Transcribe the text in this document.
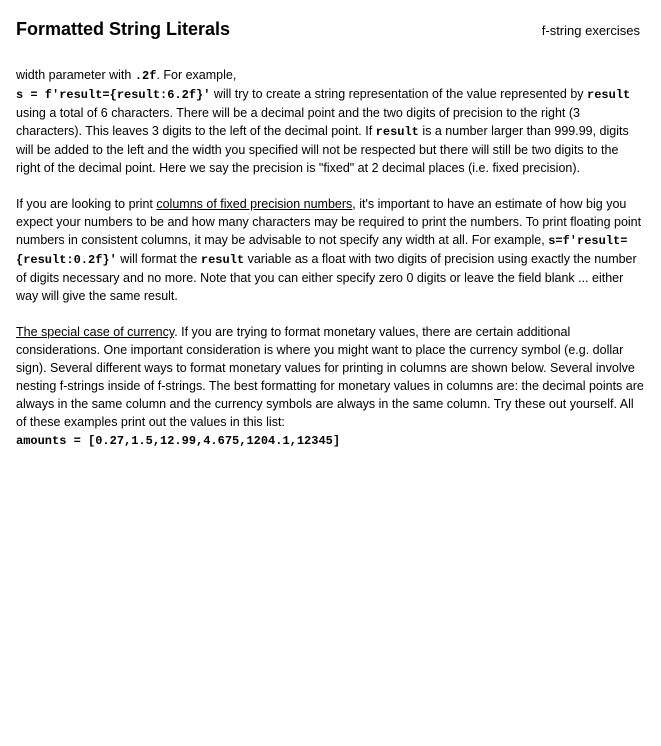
Formatted String Literals	f-string exercises

width parameter with .2f. For example,
s = f'result={result:6.2f}' will try to create a string representation of the value represented by result using a total of 6 characters. There will be a decimal point and the two digits of precision to the right (3 characters). This leaves 3 digits to the left of the decimal point. If result is a number larger than 999.99, digits will be added to the left and the width you specified will not be respected but there will still be two digits to the right of the decimal point. Here we say the precision is "fixed" at 2 decimal places (i.e. fixed precision).

If you are looking to print columns of fixed precision numbers, it's important to have an estimate of how big you expect your numbers to be and how many characters may be required to print the numbers. To print floating point numbers in consistent columns, it may be advisable to not specify any width at all. For example, s=f'result={result:0.2f}' will format the result variable as a float with two digits of precision using exactly the number of digits necessary and no more. Note that you can either specify zero 0 digits or leave the field blank ... either way will give the same result.

The special case of currency. If you are trying to format monetary values, there are certain additional considerations. One important consideration is where you might want to place the currency symbol (e.g. dollar sign). Several different ways to format monetary values for printing in columns are shown below. Several involve nesting f-strings inside of f-strings. The best formatting for monetary values in columns are: the decimal points are always in the same column and the currency symbols are always in the same column. Try these out yourself. All of these examples print out the values in this list:
amounts = [0.27,1.5,12.99,4.675,1204.1,12345]
